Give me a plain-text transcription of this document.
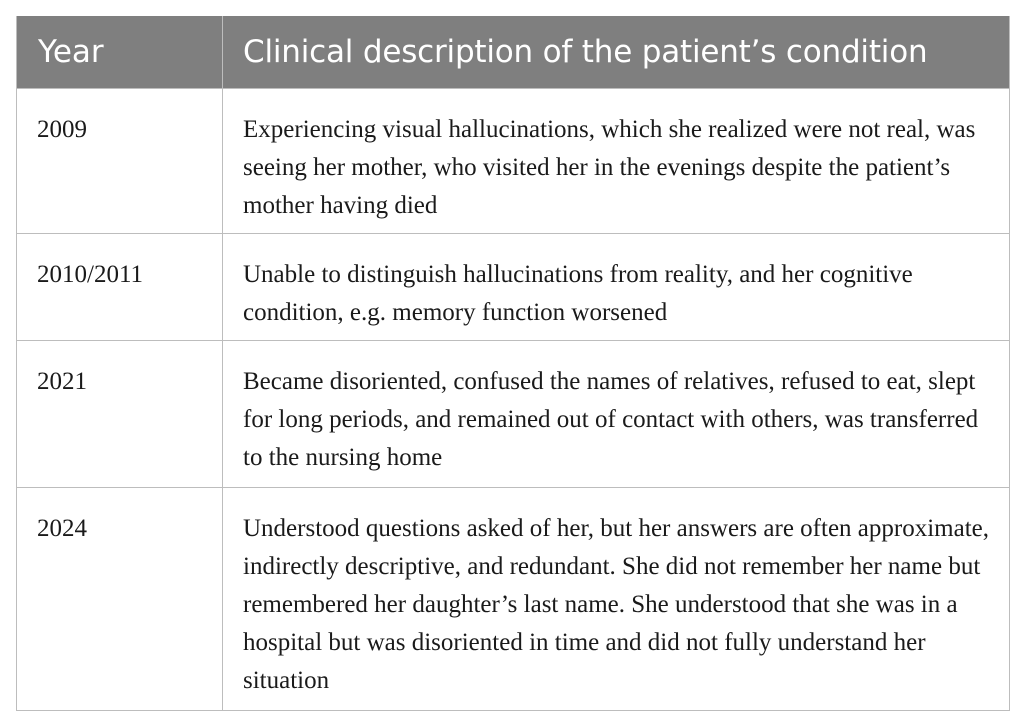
Year	Clinical description of the patient’s condition
2009	Experiencing visual hallucinations, which she realized were not real, was seeing her mother, who visited her in the evenings despite the patient’s mother having died
2010/2011	Unable to distinguish hallucinations from reality, and her cognitive condition, e.g. memory function worsened
2021	Became disoriented, confused the names of relatives, refused to eat, slept for long periods, and remained out of contact with others, was transferred to the nursing home
2024	Understood questions asked of her, but her answers are often approximate, indirectly descriptive, and redundant. She did not remember her name but remembered her daughter’s last name. She understood that she was in a hospital but was disoriented in time and did not fully understand her situation
